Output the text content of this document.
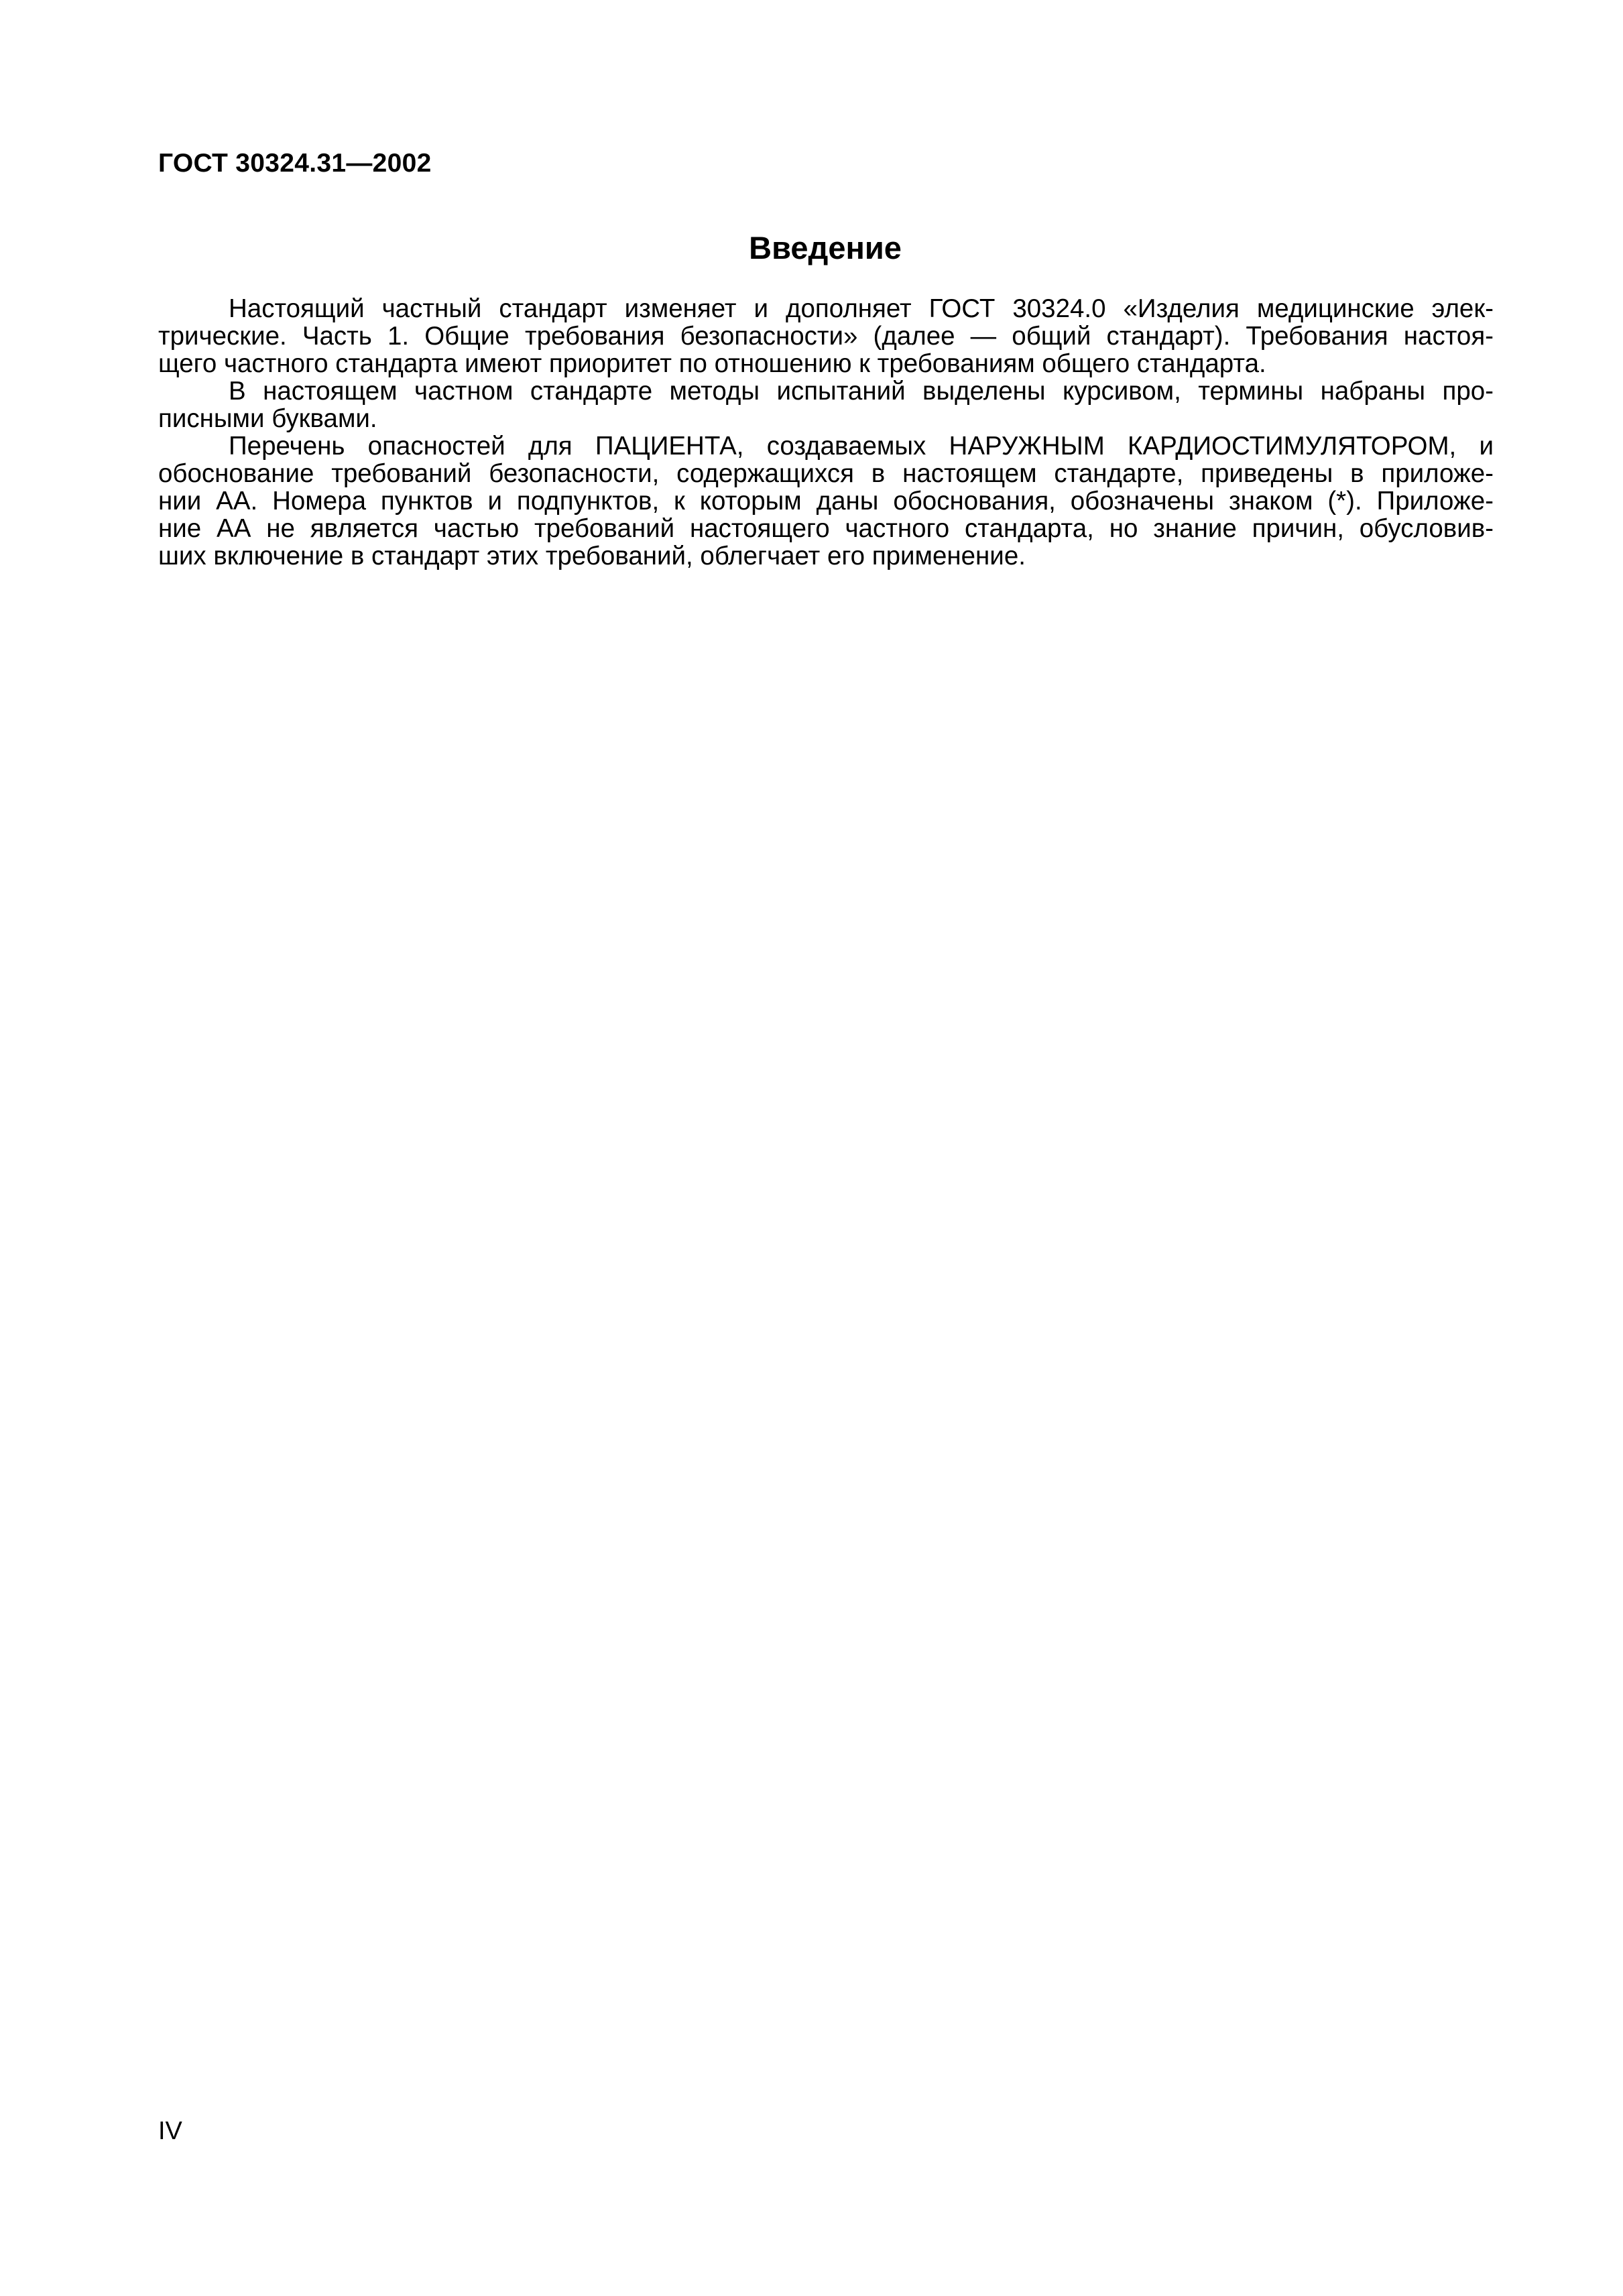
ГОСТ 30324.31—2002
Введение
Настоящий частный стандарт изменяет и дополняет ГОСТ 30324.0 «Изделия медицинские элек-
трические. Часть 1. Общие требования безопасности» (далее — общий стандарт). Требования настоя-
щего частного стандарта имеют приоритет по отношению к требованиям общего стандарта.
В настоящем частном стандарте методы испытаний выделены курсивом, термины набраны про-
писными буквами.
Перечень опасностей для ПАЦИЕНТА, создаваемых НАРУЖНЫМ КАРДИОСТИМУЛЯТОРОМ, и
обоснование требований безопасности, содержащихся в настоящем стандарте, приведены в приложе-
нии АА. Номера пунктов и подпунктов, к которым даны обоснования, обозначены знаком (*). Приложе-
ние АА не является частью требований настоящего частного стандарта, но знание причин, обусловив-
ших включение в стандарт этих требований, облегчает его применение.
IV
